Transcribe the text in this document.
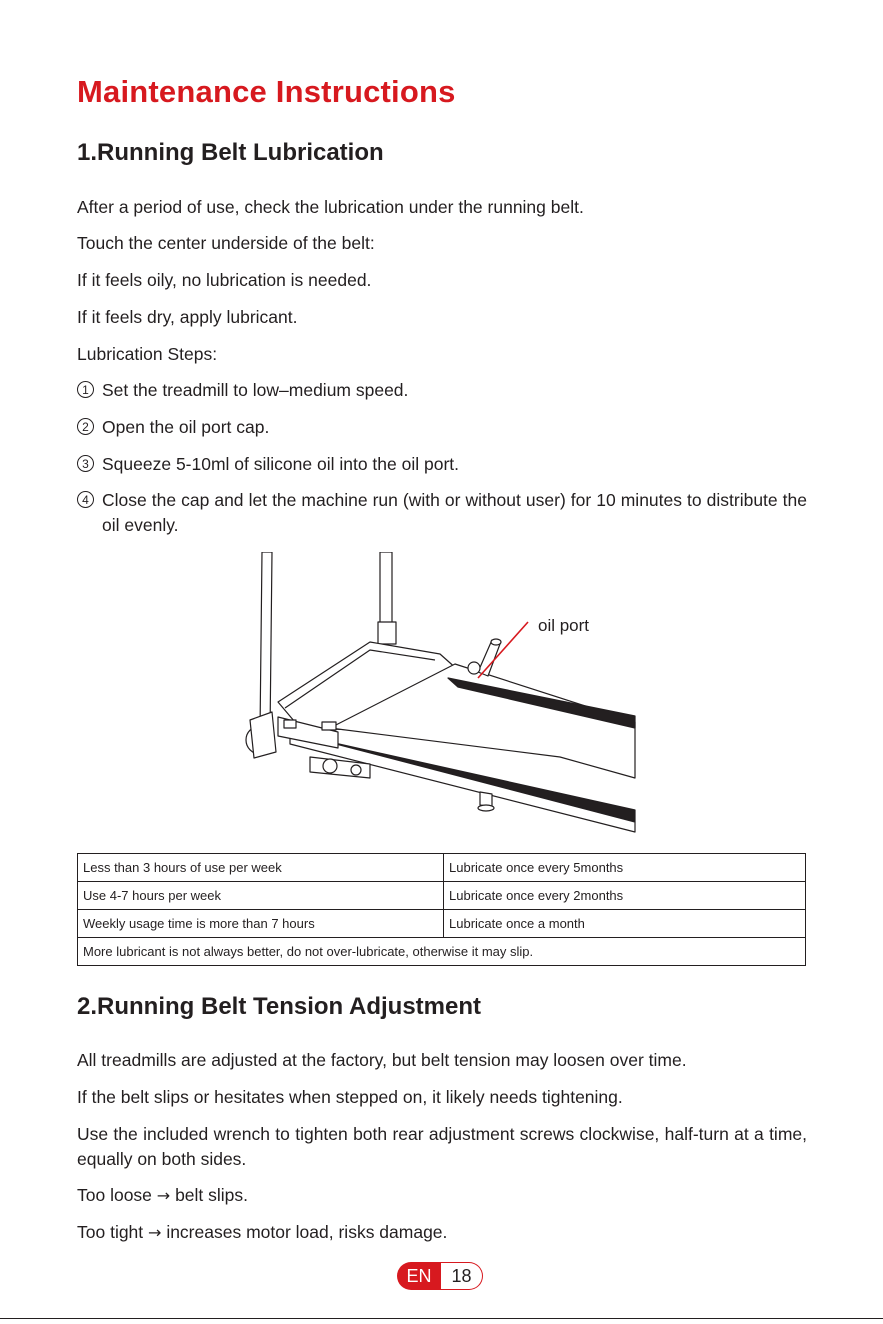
Maintenance Instructions
1.Running Belt Lubrication

After a period of use, check the lubrication under the running belt.

Touch the center underside of the belt:

If it feels oily, no lubrication is needed.

If it feels dry, apply lubricant.

Lubrication Steps:

1 Set the treadmill to low–medium speed.
2 Open the oil port cap.
3 Squeeze 5-10ml of silicone oil into the oil port.
4 Close the cap and let the machine run (with or without user) for 10 minutes to distribute the oil evenly.
oil port
Less than 3 hours of use per week	Lubricate once every 5months
Use 4-7 hours per week	Lubricate once every 2months
Weekly usage time is more than 7 hours	Lubricate once a month
More lubricant is not always better, do not over-lubricate, otherwise it may slip.	
2.Running Belt Tension Adjustment

All treadmills are adjusted at the factory, but belt tension may loosen over time.

If the belt slips or hesitates when stepped on, it likely needs tightening.

Use the included wrench to tighten both rear adjustment screws clockwise, half-turn at a time, equally on both sides.

Too loose → belt slips.

Too tight → increases motor load, risks damage.

EN	18
